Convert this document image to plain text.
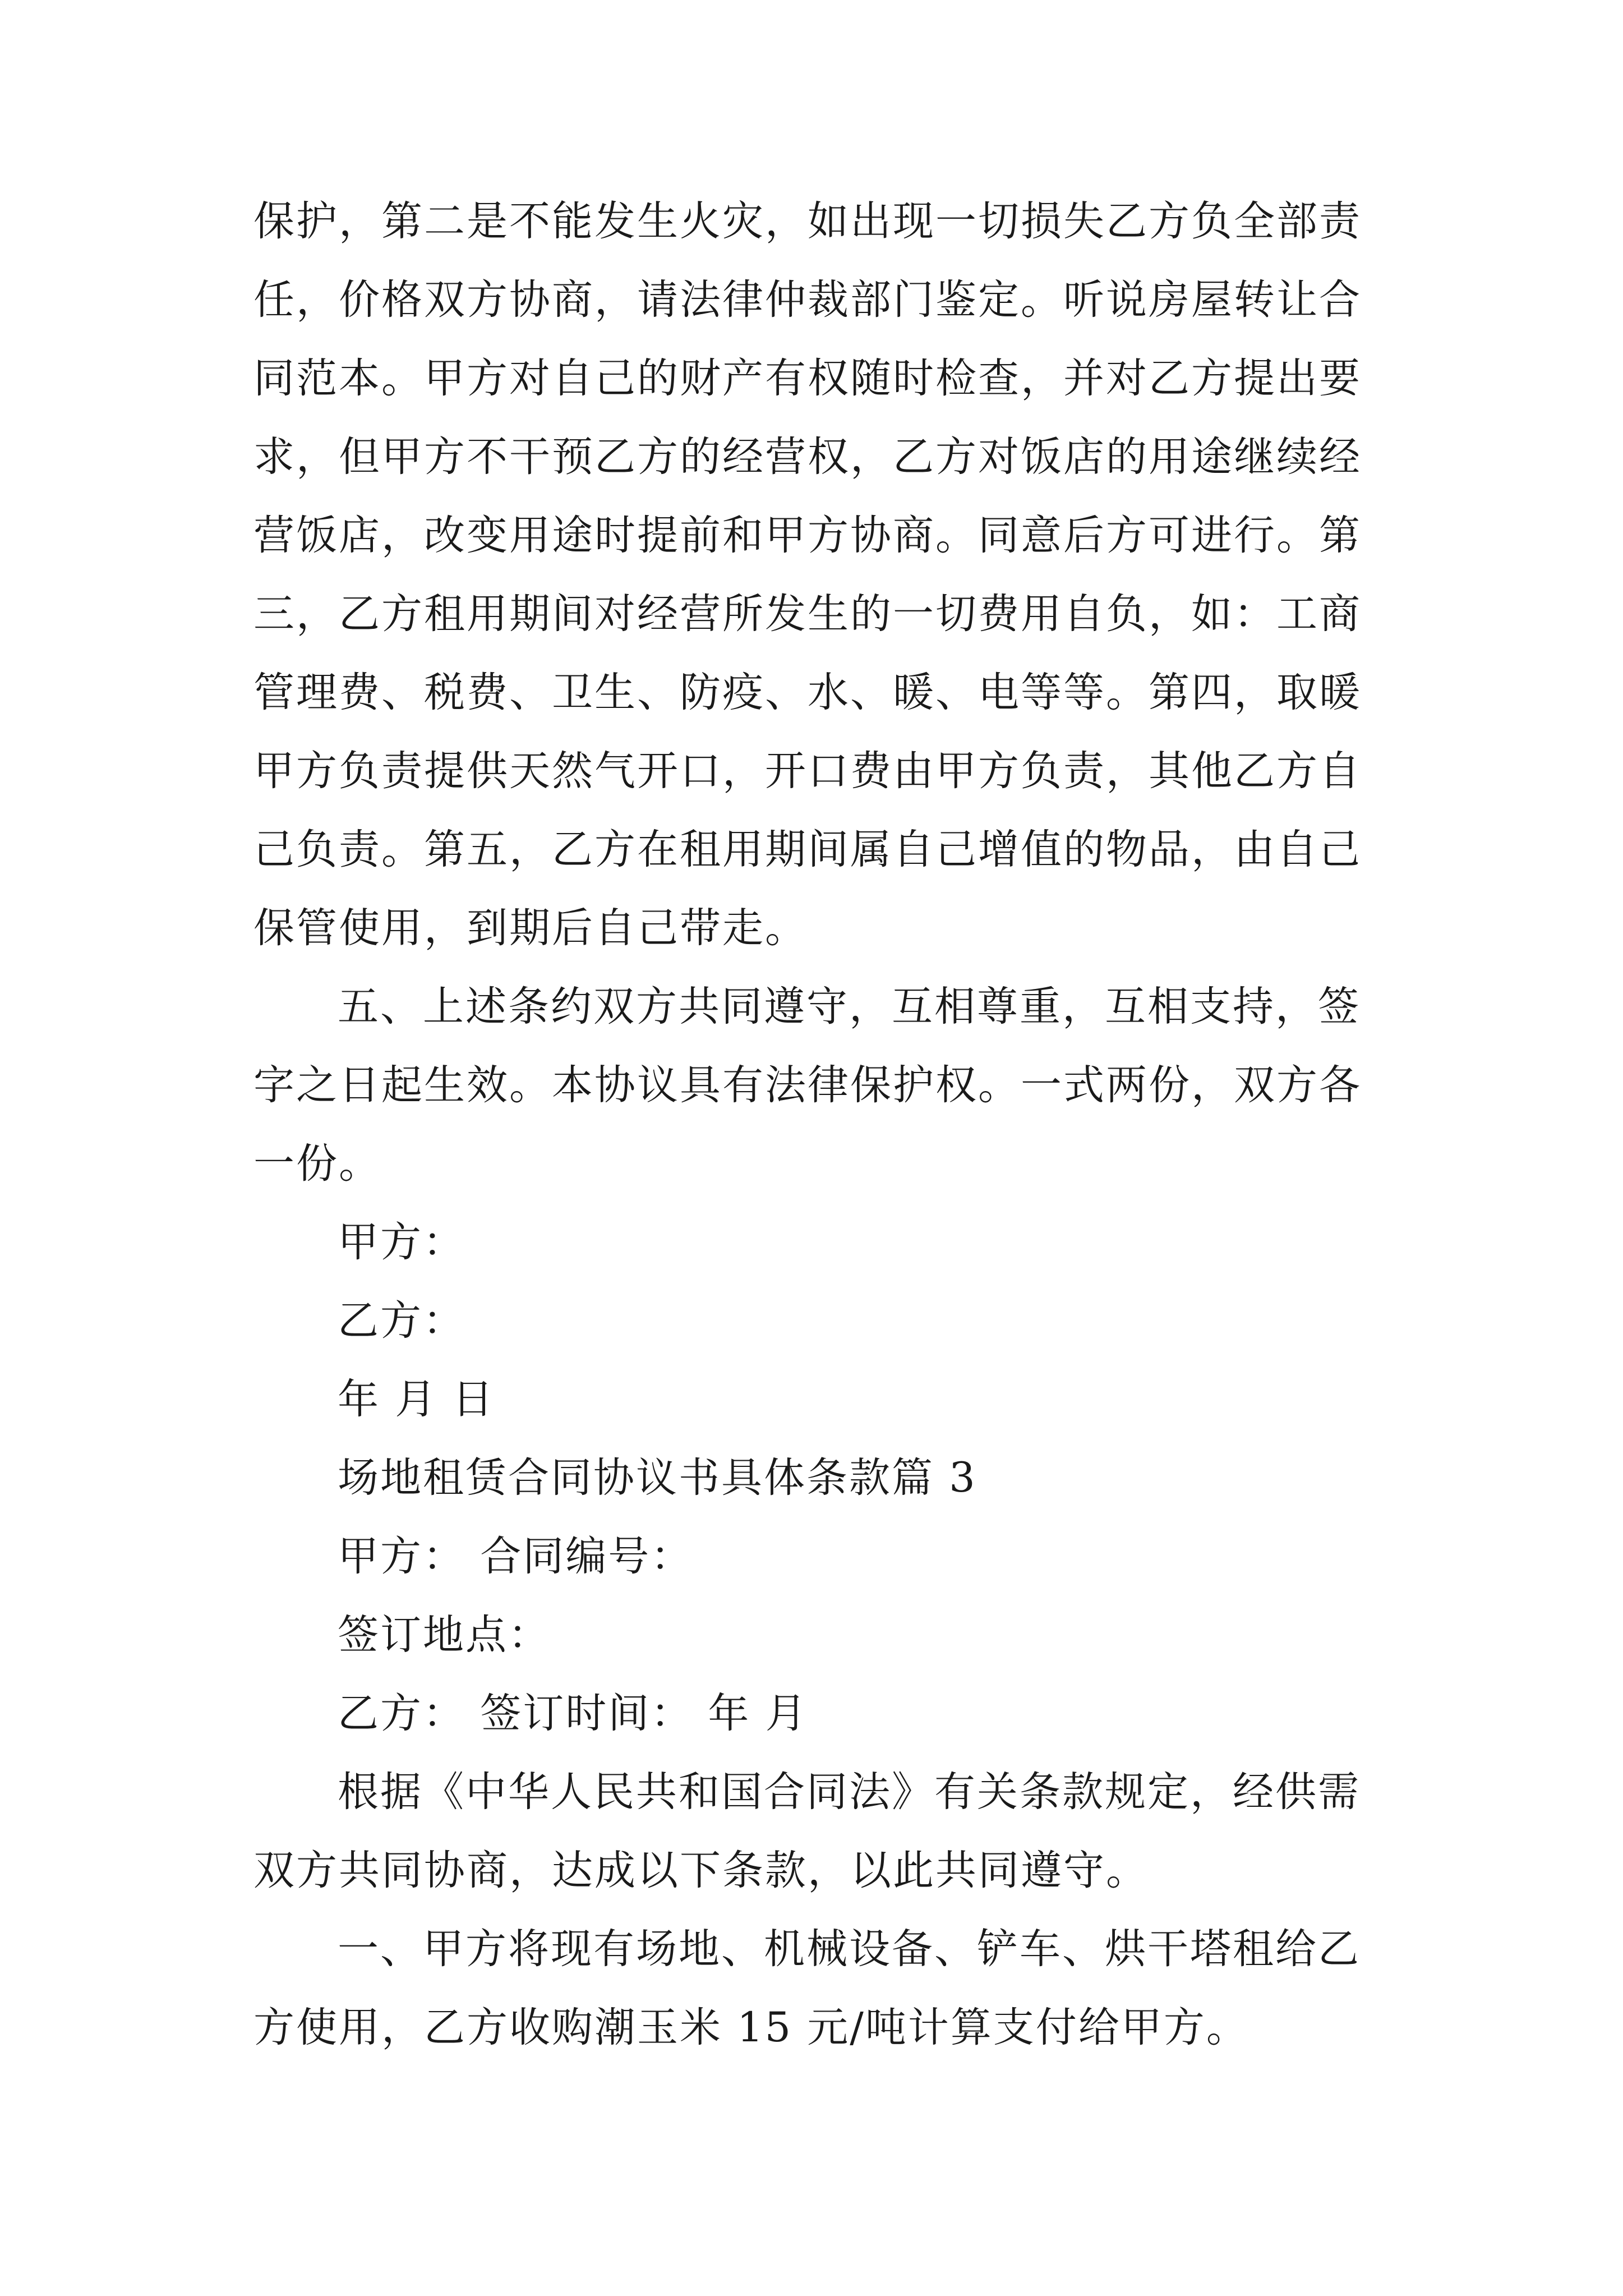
保护，第二是不能发生火灾，如出现一切损失乙方负全部责
任，价格双方协商，请法律仲裁部门鉴定。听说房屋转让合
同范本。甲方对自己的财产有权随时检查，并对乙方提出要
求，但甲方不干预乙方的经营权，乙方对饭店的用途继续经
营饭店，改变用途时提前和甲方协商。同意后方可进行。第
三，乙方租用期间对经营所发生的一切费用自负，如：工商
管理费、税费、卫生、防疫、水、暖、电等等。第四，取暖
甲方负责提供天然气开口，开口费由甲方负责，其他乙方自
己负责。第五，乙方在租用期间属自己增值的物品，由自己
保管使用，到期后自己带走。
五、上述条约双方共同遵守，互相尊重，互相支持，签
字之日起生效。本协议具有法律保护权。一式两份，双方各
一份。
甲方：
乙方：
年 月 日
场地租赁合同协议书具体条款篇 3
甲方： 合同编号：
签订地点：
乙方： 签订时间： 年 月
根据《中华人民共和国合同法》有关条款规定，经供需
双方共同协商，达成以下条款，以此共同遵守。
一、甲方将现有场地、机械设备、铲车、烘干塔租给乙
方使用，乙方收购潮玉米 15 元/吨计算支付给甲方。
